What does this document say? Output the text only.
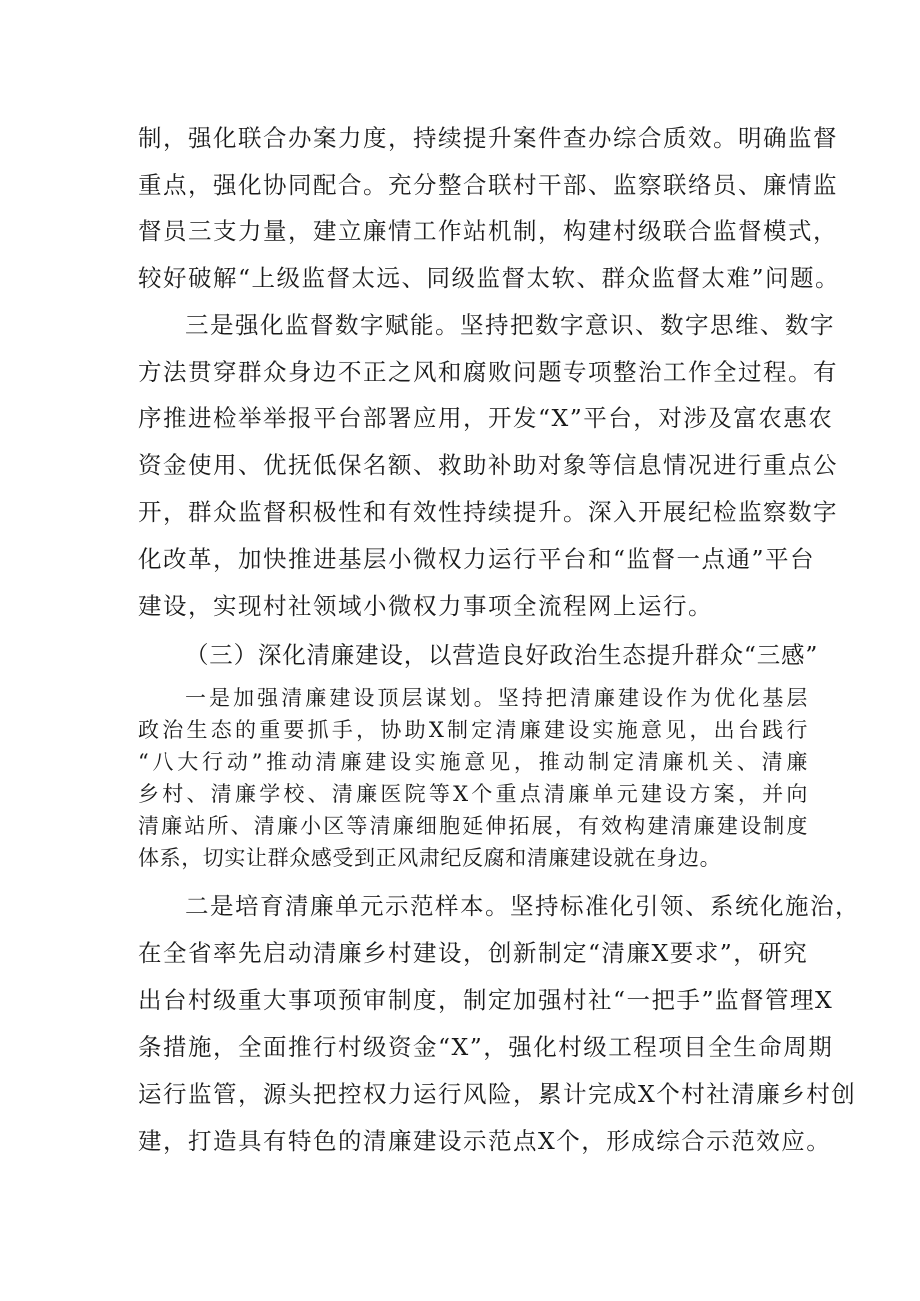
制，强化联合办案力度，持续提升案件查办综合质效。明确监督
重点，强化协同配合。充分整合联村干部、监察联络员、廉情监
督员三支力量，建立廉情工作站机制，构建村级联合监督模式，
较好破解“上级监督太远、同级监督太软、群众监督太难”问题。
三是强化监督数字赋能。坚持把数字意识、数字思维、数字
方法贯穿群众身边不正之风和腐败问题专项整治工作全过程。有
序推进检举举报平台部署应用，开发“X”平台，对涉及富农惠农
资金使用、优抚低保名额、救助补助对象等信息情况进行重点公
开，群众监督积极性和有效性持续提升。深入开展纪检监察数字
化改革，加快推进基层小微权力运行平台和“监督一点通”平台
建设，实现村社领域小微权力事项全流程网上运行。
（三）深化清廉建设，以营造良好政治生态提升群众“三感”
一是加强清廉建设顶层谋划。坚持把清廉建设作为优化基层
政治生态的重要抓手，协助X制定清廉建设实施意见，出台践行
“八大行动”推动清廉建设实施意见，推动制定清廉机关、清廉
乡村、清廉学校、清廉医院等X个重点清廉单元建设方案，并向
清廉站所、清廉小区等清廉细胞延伸拓展，有效构建清廉建设制度
体系，切实让群众感受到正风肃纪反腐和清廉建设就在身边。
二是培育清廉单元示范样本。坚持标准化引领、系统化施治，
在全省率先启动清廉乡村建设，创新制定“清廉X要求”，研究
出台村级重大事项预审制度，制定加强村社“一把手”监督管理X
条措施，全面推行村级资金“X”，强化村级工程项目全生命周期
运行监管，源头把控权力运行风险，累计完成X个村社清廉乡村创
建，打造具有特色的清廉建设示范点X个，形成综合示范效应。
